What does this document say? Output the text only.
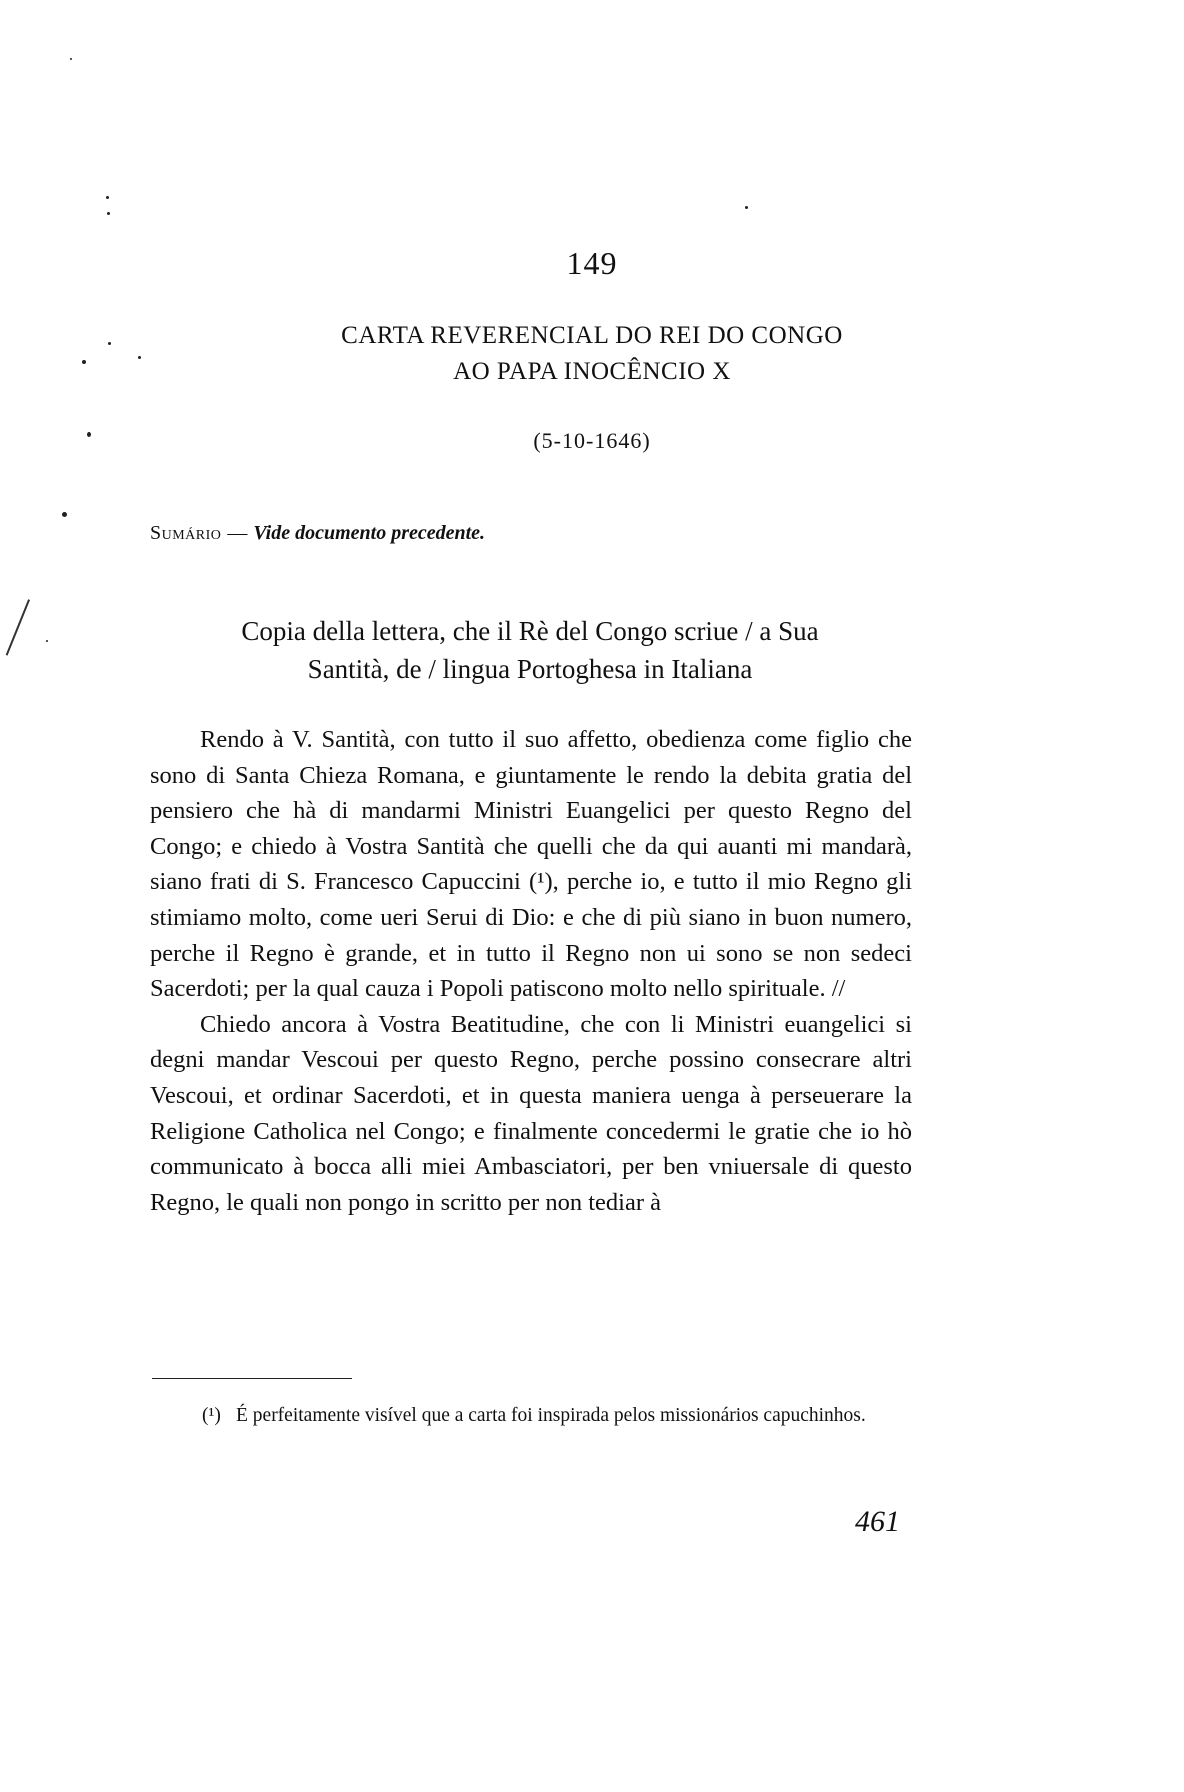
149
CARTA REVERENCIAL DO REI DO CONGO
AO PAPA INOCÊNCIO X
(5-10-1646)
Sumário — Vide documento precedente.
Copia della lettera, che il Rè del Congo scriue / a Sua
Santità, de / lingua Portoghesa in Italiana

Rendo à V. Santità, con tutto il suo affetto, obedienza come figlio che sono di Santa Chieza Romana, e giuntamente le rendo la debita gratia del pensiero che hà di mandarmi Ministri Euangelici per questo Regno del Congo; e chiedo à Vostra Santità che quelli che da qui auanti mi mandarà, siano frati di S. Francesco Capuccini (¹), perche io, e tutto il mio Regno gli stimiamo molto, come ueri Serui di Dio: e che di più siano in buon numero, perche il Regno è grande, et in tutto il Regno non ui sono se non sedeci Sacerdoti; per la qual cauza i Popoli patiscono molto nello spirituale. //

Chiedo ancora à Vostra Beatitudine, che con li Ministri euangelici si degni mandar Vescoui per questo Regno, perche possino consecrare altri Vescoui, et ordinar Sacerdoti, et in questa maniera uenga à perseuerare la Religione Catholica nel Congo; e finalmente concedermi le gratie che io hò communicato à bocca alli miei Ambasciatori, per ben vniuersale di questo Regno, le quali non pongo in scritto per non tediar à

(¹) É perfeitamente visível que a carta foi inspirada pelos missionários capuchinhos.
461
